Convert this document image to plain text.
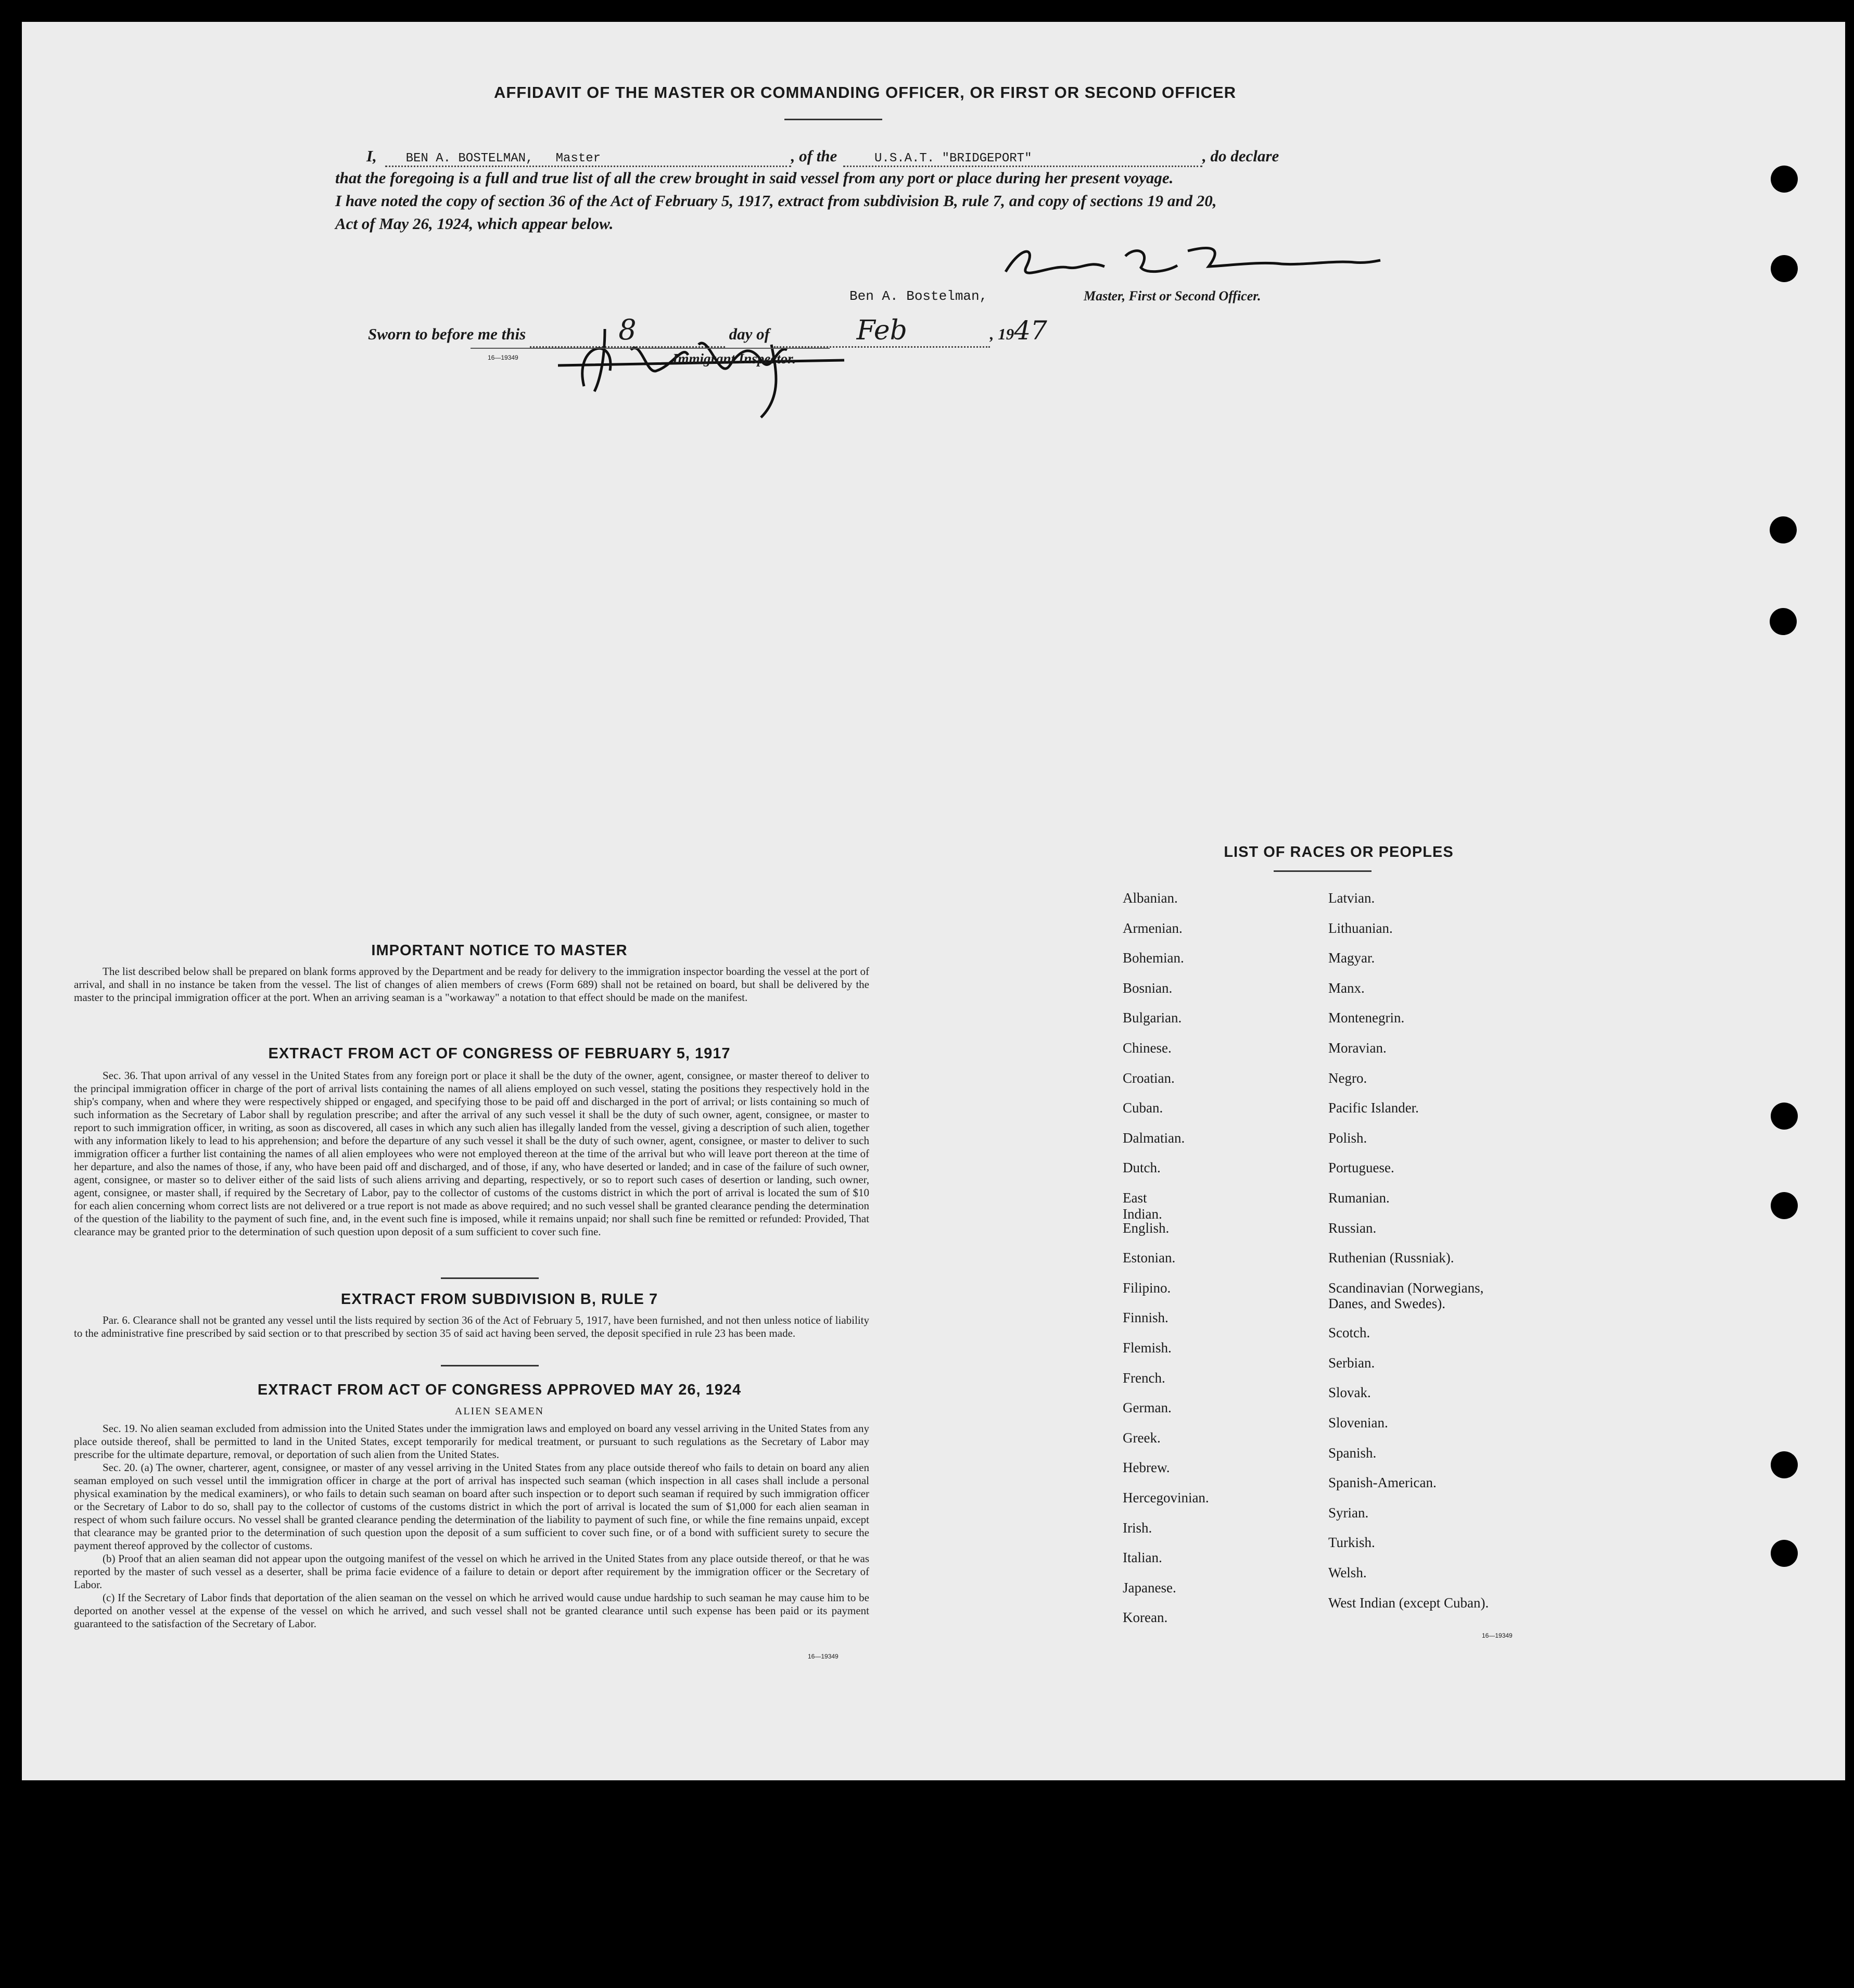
AFFIDAVIT OF THE MASTER OR COMMANDING OFFICER, OR FIRST OR SECOND OFFICER
I, BEN A. BOSTELMAN,   Master	, of the	U.S.A.T. "BRIDGEPORT"	, do declare
that the foregoing is a full and true list of all the crew brought in said vessel from any port or place during her present voyage.
I have noted the copy of section 36 of the Act of February 5, 1917, extract from subdivision B, rule 7, and copy of sections 19 and 20,
Act of May 26, 1924, which appear below.
Ben A. Bostelman,	Master, First or Second Officer.
Sworn to before me this	8	day of	Feb	, 1947
16—19349	Immigrant Inspector.
IMPORTANT NOTICE TO MASTER
The list described below shall be prepared on blank forms approved by the Department and be ready for delivery to the immigration inspector boarding the vessel at the port of arrival, and shall in no instance be taken from the vessel. The list of changes of alien members of crews (Form 689) shall not be retained on board, but shall be delivered by the master to the principal immigration officer at the port. When an arriving seaman is a "workaway" a notation to that effect should be made on the manifest.
EXTRACT FROM ACT OF CONGRESS OF FEBRUARY 5, 1917
Sec. 36. That upon arrival of any vessel in the United States from any foreign port or place it shall be the duty of the owner, agent, consignee, or master thereof to deliver to the principal immigration officer in charge of the port of arrival lists containing the names of all aliens employed on such vessel, stating the positions they respectively hold in the ship's company, when and where they were respectively shipped or engaged, and specifying those to be paid off and discharged in the port of arrival; or lists containing so much of such information as the Secretary of Labor shall by regulation prescribe; and after the arrival of any such vessel it shall be the duty of such owner, agent, consignee, or master to report to such immigration officer, in writing, as soon as discovered, all cases in which any such alien has illegally landed from the vessel, giving a description of such alien, together with any information likely to lead to his apprehension; and before the departure of any such vessel it shall be the duty of such owner, agent, consignee, or master to deliver to such immigration officer a further list containing the names of all alien employees who were not employed thereon at the time of the arrival but who will leave port thereon at the time of her departure, and also the names of those, if any, who have been paid off and discharged, and of those, if any, who have deserted or landed; and in case of the failure of such owner, agent, consignee, or master so to deliver either of the said lists of such aliens arriving and departing, respectively, or so to report such cases of desertion or landing, such owner, agent, consignee, or master shall, if required by the Secretary of Labor, pay to the collector of customs of the customs district in which the port of arrival is located the sum of $10 for each alien concerning whom correct lists are not delivered or a true report is not made as above required; and no such vessel shall be granted clearance pending the determination of the question of the liability to the payment of such fine, and, in the event such fine is imposed, while it remains unpaid; nor shall such fine be remitted or refunded: Provided, That clearance may be granted prior to the determination of such question upon deposit of a sum sufficient to cover such fine.
EXTRACT FROM SUBDIVISION B, RULE 7
Par. 6. Clearance shall not be granted any vessel until the lists required by section 36 of the Act of February 5, 1917, have been furnished, and not then unless notice of liability to the administrative fine prescribed by said section or to that prescribed by section 35 of said act having been served, the deposit specified in rule 23 has been made.
EXTRACT FROM ACT OF CONGRESS APPROVED MAY 26, 1924
ALIEN SEAMEN
Sec. 19. No alien seaman excluded from admission into the United States under the immigration laws and employed on board any vessel arriving in the United States from any place outside thereof, shall be permitted to land in the United States, except temporarily for medical treatment, or pursuant to such regulations as the Secretary of Labor may prescribe for the ultimate departure, removal, or deportation of such alien from the United States.
Sec. 20. (a) The owner, charterer, agent, consignee, or master of any vessel arriving in the United States from any place outside thereof who fails to detain on board any alien seaman employed on such vessel until the immigration officer in charge at the port of arrival has inspected such seaman (which inspection in all cases shall include a personal physical examination by the medical examiners), or who fails to detain such seaman on board after such inspection or to deport such seaman if required by such immigration officer or the Secretary of Labor to do so, shall pay to the collector of customs of the customs district in which the port of arrival is located the sum of $1,000 for each alien seaman in respect of whom such failure occurs. No vessel shall be granted clearance pending the determination of the liability to payment of such fine, or while the fine remains unpaid, except that clearance may be granted prior to the determination of such question upon the deposit of a sum sufficient to cover such fine, or of a bond with sufficient surety to secure the payment thereof approved by the collector of customs.
(b) Proof that an alien seaman did not appear upon the outgoing manifest of the vessel on which he arrived in the United States from any place outside thereof, or that he was reported by the master of such vessel as a deserter, shall be prima facie evidence of a failure to detain or deport after requirement by the immigration officer or the Secretary of Labor.
(c) If the Secretary of Labor finds that deportation of the alien seaman on the vessel on which he arrived would cause undue hardship to such seaman he may cause him to be deported on another vessel at the expense of the vessel on which he arrived, and such vessel shall not be granted clearance until such expense has been paid or its payment guaranteed to the satisfaction of the Secretary of Labor.
16—19349
LIST OF RACES OR PEOPLES
Albanian.
Armenian.
Bohemian.
Bosnian.
Bulgarian.
Chinese.
Croatian.
Cuban.
Dalmatian.
Dutch.
East Indian.
English.
Estonian.
Filipino.
Finnish.
Flemish.
French.
German.
Greek.
Hebrew.
Hercegovinian.
Irish.
Italian.
Japanese.
Korean.
Latvian.
Lithuanian.
Magyar.
Manx.
Montenegrin.
Moravian.
Negro.
Pacific Islander.
Polish.
Portuguese.
Rumanian.
Russian.
Ruthenian (Russniak).
Scandinavian (Norwegians,
Danes, and Swedes).
Scotch.
Serbian.
Slovak.
Slovenian.
Spanish.
Spanish-American.
Syrian.
Turkish.
Welsh.
West Indian (except Cuban).
16—19349
